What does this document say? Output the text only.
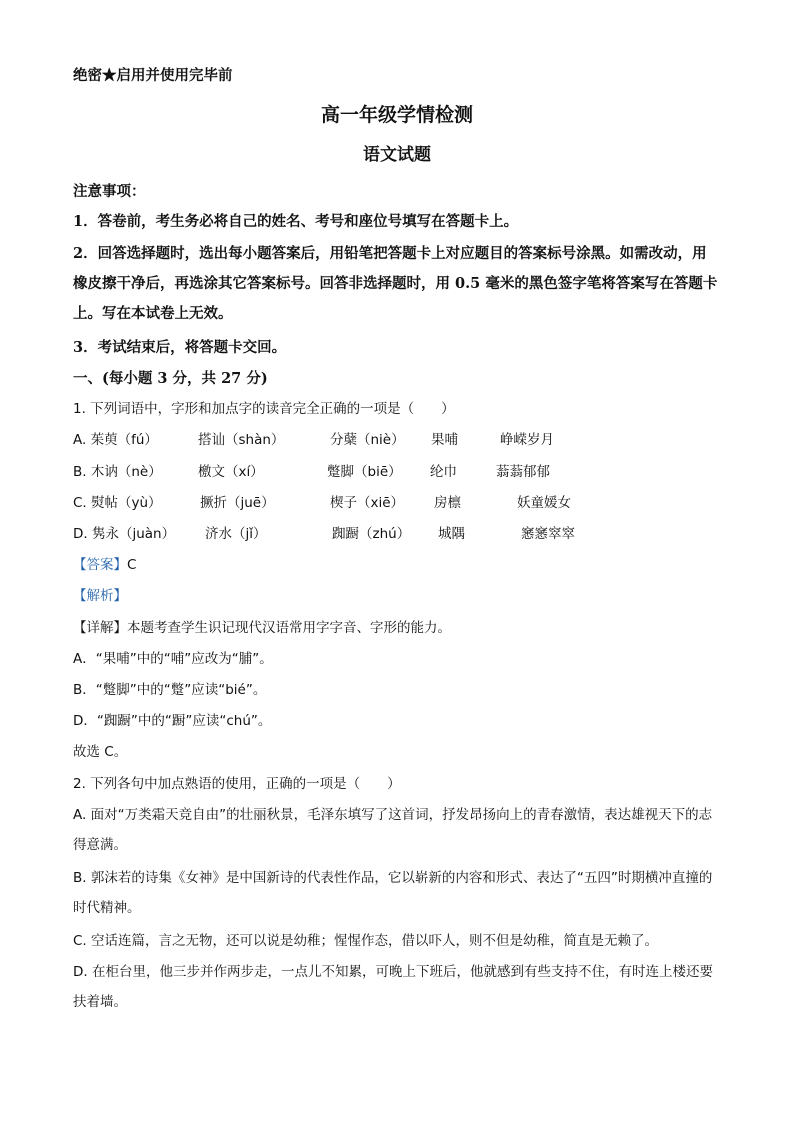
绝密★启用并使用完毕前
高一年级学情检测
语文试题
注意事项：
1．答卷前，考生务必将自己的姓名、考号和座位号填写在答题卡上。
2．回答选择题时，选出每小题答案后，用铅笔把答题卡上对应题目的答案标号涂黑。如需改动，用橡皮擦干净后，再选涂其它答案标号。回答非选择题时，用 0.5 毫米的黑色签字笔将答案写在答题卡上。写在本试卷上无效。
3．考试结束后，将答题卡交回。
一、(每小题 3 分，共 27 分)
1. 下列词语中，字形和加点字的读音完全正确的一项是（　　）
A. 茱萸（fú）	搭讪（shàn）	分蘖（niè） 果哺	峥嵘岁月
B. 木讷（nè）	檄文（xí）	蹩脚（biē） 纶巾	蓊蓊郁郁
C. 熨帖（yù）	撅折（juē）	楔子（xiē） 房檩	妖童媛女
D. 隽永（juàn） 济水（jǐ）	踟蹰（zhú） 城隅	窸窸窣窣
【答案】C
【解析】
【详解】本题考查学生识记现代汉语常用字字音、字形的能力。
A．“果哺”中的“哺”应改为“脯”。
B．“蹩脚”中的“蹩”应读“bié”。
D．“踟蹰”中的“蹰”应读“chú”。
故选 C。
2. 下列各句中加点熟语的使用，正确的一项是（　　）
A. 面对“万类霜天竞自由”的壮丽秋景，毛泽东填写了这首词，抒发昂扬向上的青春激情，表达雄视天下的志得意满。
B. 郭沫若的诗集《女神》是中国新诗的代表性作品，它以崭新的内容和形式、表达了“五四”时期横冲直撞的时代精神。
C. 空话连篇，言之无物，还可以说是幼稚；惺惺作态，借以吓人，则不但是幼稚，简直是无赖了。
D. 在柜台里，他三步并作两步走，一点儿不知累，可晚上下班后，他就感到有些支持不住，有时连上楼还要扶着墙。
